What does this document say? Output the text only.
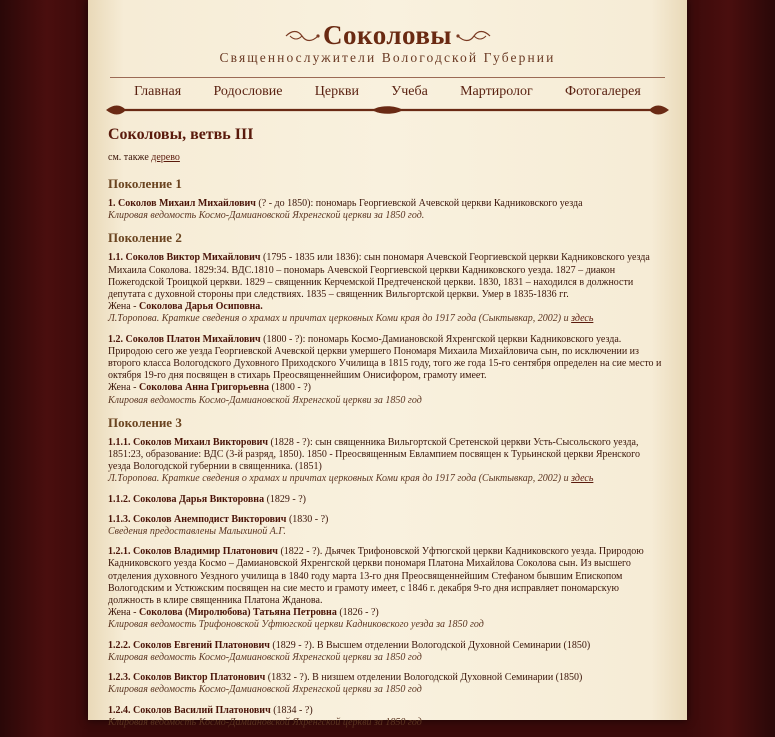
Соколовы
Священнослужители Вологодской Губернии
Главная Родословие Церкви Учеба Мартиролог Фотогалерея
Соколовы, ветвь III

см. также дерево

Поколение 1
1. Соколов Михаил Михайлович (? - до 1850): пономарь Георгиевской Ачевской церкви Кадниковского уезда
Клировая ведомость Космо-Дамиановской Яхренгской церкви за 1850 год.
Поколение 2
1.1. Соколов Виктор Михайлович (1795 - 1835 или 1836): сын пономаря Ачевской Георгиевской церкви Кадниковского уезда Михаила Соколова. 1829:34. ВДС.1810 – пономарь Ачевской Георгиевской церкви Кадниковского уезда. 1827 – диакон Пожегодской Троицкой церкви. 1829 – священник Керчемской Предтеченской церкви. 1830, 1831 – находился в должности депутата с духовной стороны при следствиях. 1835 – священник Вильгортской церкви. Умер в 1835-1836 гг.
Жена - Соколова Дарья Осиповна.
Л.Торопова. Краткие сведения о храмах и причтах церковных Коми края до 1917 года (Сыктывкар, 2002) и здесь
1.2. Соколов Платон Михайлович (1800 - ?): пономарь Космо-Дамиановской Яхренгской церкви Кадниковского уезда. Природою сего же уезда Георгиевской Ачевской церкви умершего Пономаря Михаила Михайловича сын, по исключении из второго класса Вологодского Духовного Приходского Училища в 1815 году, того же года 15-го сентября определен на сие место и октября 19-го дня посвящен в стихарь Преосвященнейшим Онисифором, грамоту имеет.
Жена - Соколова Анна Григорьевна (1800 - ?)
Клировая ведомость Космо-Дамиановской Яхренгской церкви за 1850 год
Поколение 3
1.1.1. Соколов Михаил Викторович (1828 - ?): сын священника Вильгортской Сретенской церкви Усть-Сысольского уезда, 1851:23, образование: ВДС (3-й разряд, 1850). 1850 - Преосвященным Евлампием посвящен к Турьинской церкви Яренского уезда Вологодской губернии в священника. (1851)
Л.Торопова. Краткие сведения о храмах и причтах церковных Коми края до 1917 года (Сыктывкар, 2002) и здесь
1.1.2. Соколова Дарья Викторовна (1829 - ?)
1.1.3. Соколов Анемподист Викторович (1830 - ?)
Сведения предоставлены Малыхиной А.Г.
1.2.1. Соколов Владимир Платонович (1822 - ?). Дьячек Трифоновской Уфтюгской церкви Кадниковского уезда. Природою Кадниковского уезда Космо – Дамиановской Яхренгской церкви пономаря Платона Михайлова Соколова сын. Из высшего отделения духовного Уездного училища в 1840 году марта 13-го дня Преосвященнейшим Стефаном бывшим Епископом Вологодским и Устюжским посвящен на сие место и грамоту имеет, с 1846 г. декабря 9-го дня исправляет пономарскую должность в клире священника Платона Жданова.
Жена - Соколова (Миролюбова) Татьяна Петровна (1826 - ?)
Клировая ведомость Трифоновской Уфтюгской церкви Кадниковского уезда за 1850 год
1.2.2. Соколов Евгений Платонович (1829 - ?). В Высшем отделении Вологодской Духовной Семинарии (1850)
Клировая ведомость Космо-Дамиановской Яхренгской церкви за 1850 год
1.2.3. Соколов Виктор Платонович (1832 - ?). В низшем отделении Вологодской Духовной Семинарии (1850)
Клировая ведомость Космо-Дамиановской Яхренгской церкви за 1850 год
1.2.4. Соколов Василий Платонович (1834 - ?)
Клировая ведомость Космо-Дамиановской Яхренгской церкви за 1850 год
